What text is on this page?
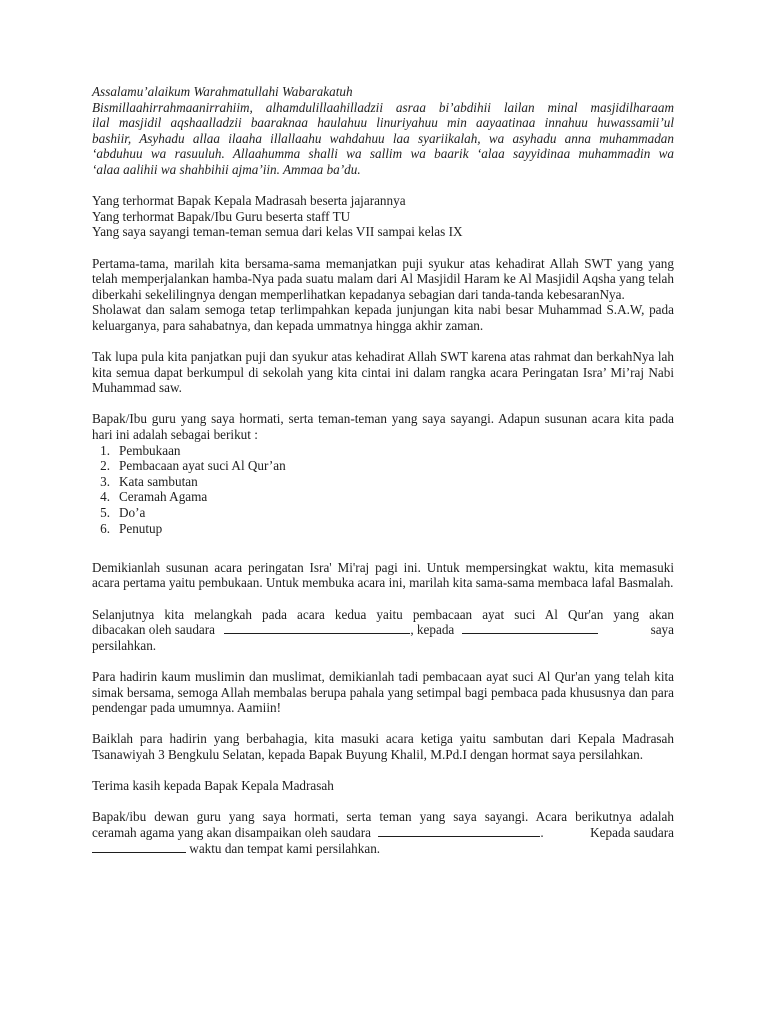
Assalamu’alaikum Warahmatullahi Wabarakatuh

Bismillaahirrahmaanirrahiim, alhamdulillaahilladzii asraa bi’abdihii lailan minal masjidilharaam
ilal masjidil aqshaalladzii baaraknaa haulahuu linuriyahuu min aayaatinaa innahuu huwassamii’ul
bashiir, Asyhadu allaa ilaaha illallaahu wahdahuu laa syariikalah, wa asyhadu anna muhammadan
‘abduhuu wa rasuuluh. Allaahumma shalli wa sallim wa baarik ‘alaa sayyidinaa muhammadin wa
‘alaa aalihii wa shahbihii ajma’iin. Ammaa ba’du.

Yang terhormat Bapak Kepala Madrasah beserta jajarannya

Yang terhormat Bapak/Ibu Guru beserta staff TU

Yang saya sayangi teman-teman semua dari kelas VII sampai kelas IX

Pertama-tama, marilah kita bersama-sama memanjatkan puji syukur atas kehadirat Allah SWT yang yang telah memperjalankan hamba-Nya pada suatu malam dari Al Masjidil Haram ke Al Masjidil Aqsha yang telah diberkahi sekelilingnya dengan memperlihatkan kepadanya sebagian dari tanda-tanda kebesaranNya.

Sholawat dan salam semoga tetap terlimpahkan kepada junjungan kita nabi besar Muhammad S.A.W, pada keluarganya, para sahabatnya, dan kepada ummatnya hingga akhir zaman.

Tak lupa pula kita panjatkan puji dan syukur atas kehadirat Allah SWT karena atas rahmat dan berkahNya lah kita semua dapat berkumpul di sekolah yang kita cintai ini dalam rangka acara Peringatan Isra’ Mi’raj Nabi Muhammad saw.

Bapak/Ibu guru yang saya hormati, serta teman-teman yang saya sayangi. Adapun susunan acara kita pada hari ini adalah sebagai berikut :

1. Pembukaan
2. Pembacaan ayat suci Al Qur’an
3. Kata sambutan
4. Ceramah Agama
5. Do’a
6. Penutup

Demikianlah susunan acara peringatan Isra' Mi'raj pagi ini. Untuk mempersingkat waktu, kita memasuki acara pertama yaitu pembukaan. Untuk membuka acara ini, marilah kita sama-sama membaca lafal Basmalah.

Selanjutnya kita melangkah pada acara kedua yaitu pembacaan ayat suci Al Qur'an yang akan
dibacakan oleh saudara	, kepada	saya
persilahkan.

Para hadirin kaum muslimin dan muslimat, demikianlah tadi pembacaan ayat suci Al Qur'an yang telah kita simak bersama, semoga Allah membalas berupa pahala yang setimpal bagi pembaca pada khususnya dan para pendengar pada umumnya. Aamiin!

Baiklah para hadirin yang berbahagia, kita masuki acara ketiga yaitu sambutan dari Kepala Madrasah Tsanawiyah 3 Bengkulu Selatan, kepada Bapak Buyung Khalil, M.Pd.I dengan hormat saya persilahkan.

Terima kasih kepada Bapak Kepala Madrasah

Bapak/ibu dewan guru yang saya hormati, serta teman yang saya sayangi. Acara berikutnya adalah
ceramah agama yang akan disampaikan oleh saudara	.	Kepada saudara
waktu dan tempat kami persilahkan.
